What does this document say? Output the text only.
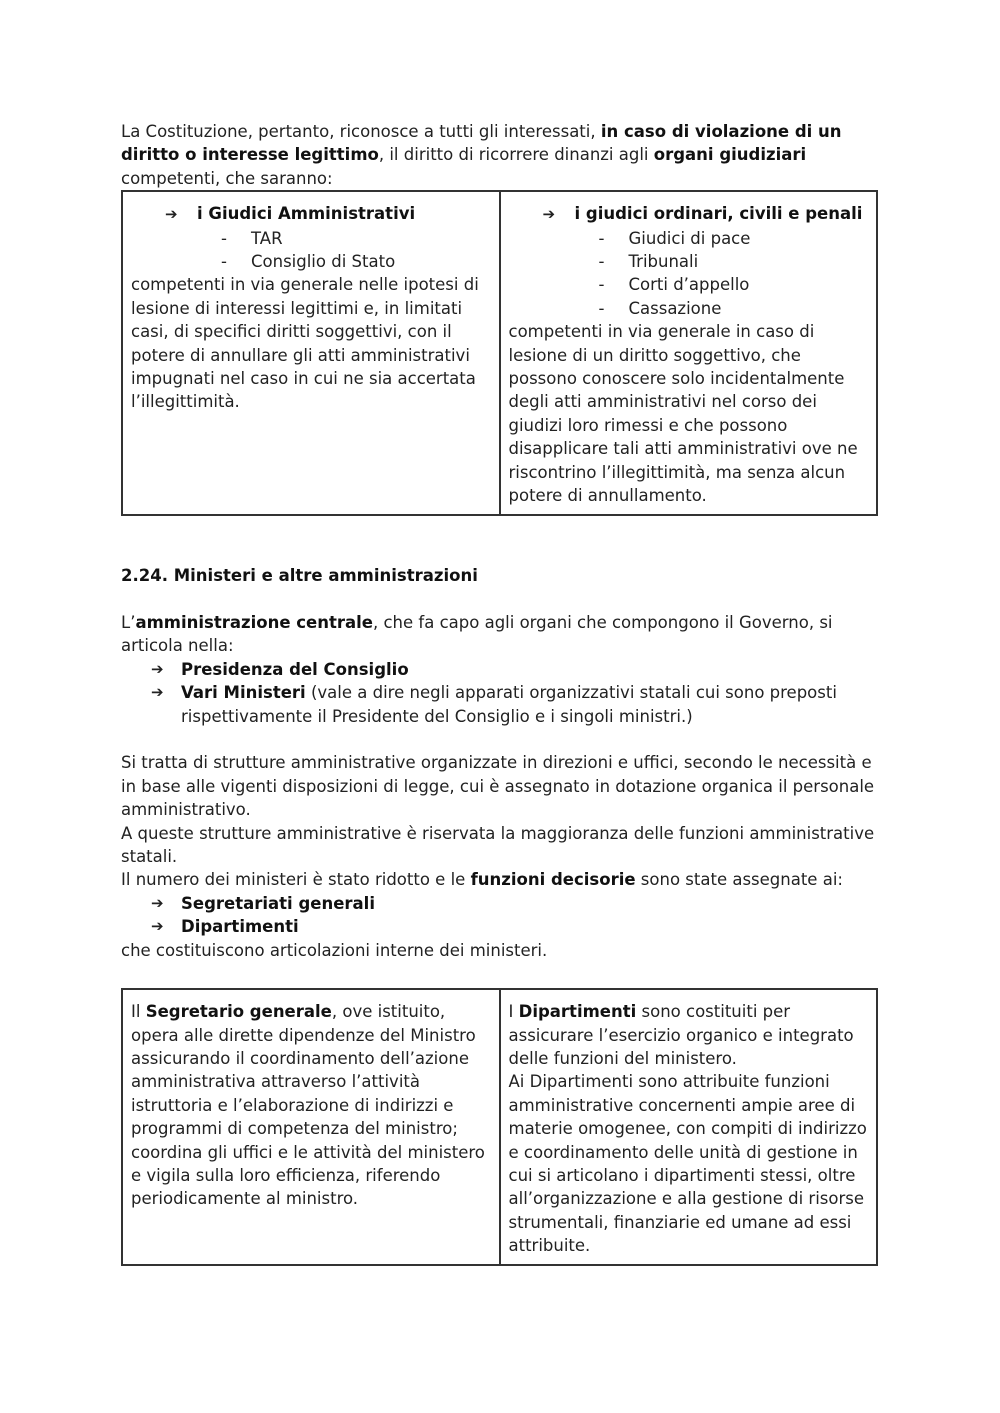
La Costituzione, pertanto, riconosce a tutti gli interessati, in caso di violazione di un diritto o interesse legittimo, il diritto di ricorrere dinanzi agli organi giudiziari competenti, che saranno:

➔	i Giudici Amministrativi
-	TAR
-	Consiglio di Stato

competenti in via generale nelle ipotesi di lesione di interessi legittimi e, in limitati casi, di specifici diritti soggettivi, con il potere di annullare gli atti amministrativi impugnati nel caso in cui ne sia accertata l’illegittimità.

➔	i giudici ordinari, civili e penali
-	Giudici di pace
-	Tribunali
-	Corti d’appello
-	Cassazione

competenti in via generale in caso di lesione di un diritto soggettivo, che possono conoscere solo incidentalmente degli atti amministrativi nel corso dei giudizi loro rimessi e che possono disapplicare tali atti amministrativi ove ne riscontrino l’illegittimità, ma senza alcun potere di annullamento.

2.24. Ministeri e altre amministrazioni

L’amministrazione centrale, che fa capo agli organi che compongono il Governo, si articola nella:

➔	Presidenza del Consiglio
➔	Vari Ministeri (vale a dire negli apparati organizzativi statali cui sono preposti rispettivamente il Presidente del Consiglio e i singoli ministri.)

Si tratta di strutture amministrative organizzate in direzioni e uffici, secondo le necessità e in base alle vigenti disposizioni di legge, cui è assegnato in dotazione organica il personale amministrativo.

A queste strutture amministrative è riservata la maggioranza delle funzioni amministrative statali.

Il numero dei ministeri è stato ridotto e le funzioni decisorie sono state assegnate ai:

➔	Segretariati generali
➔	Dipartimenti

che costituiscono articolazioni interne dei ministeri.

Il Segretario generale, ove istituito, opera alle dirette dipendenze del Ministro assicurando il coordinamento dell’azione amministrativa attraverso l’attività istruttoria e l’elaborazione di indirizzi e programmi di competenza del ministro; coordina gli uffici e le attività del ministero e vigila sulla loro efficienza, riferendo periodicamente al ministro.

I Dipartimenti sono costituiti per assicurare l’esercizio organico e integrato delle funzioni del ministero.

Ai Dipartimenti sono attribuite funzioni amministrative concernenti ampie aree di materie omogenee, con compiti di indirizzo e coordinamento delle unità di gestione in cui si articolano i dipartimenti stessi, oltre all’organizzazione e alla gestione di risorse strumentali, finanziarie ed umane ad essi attribuite.
